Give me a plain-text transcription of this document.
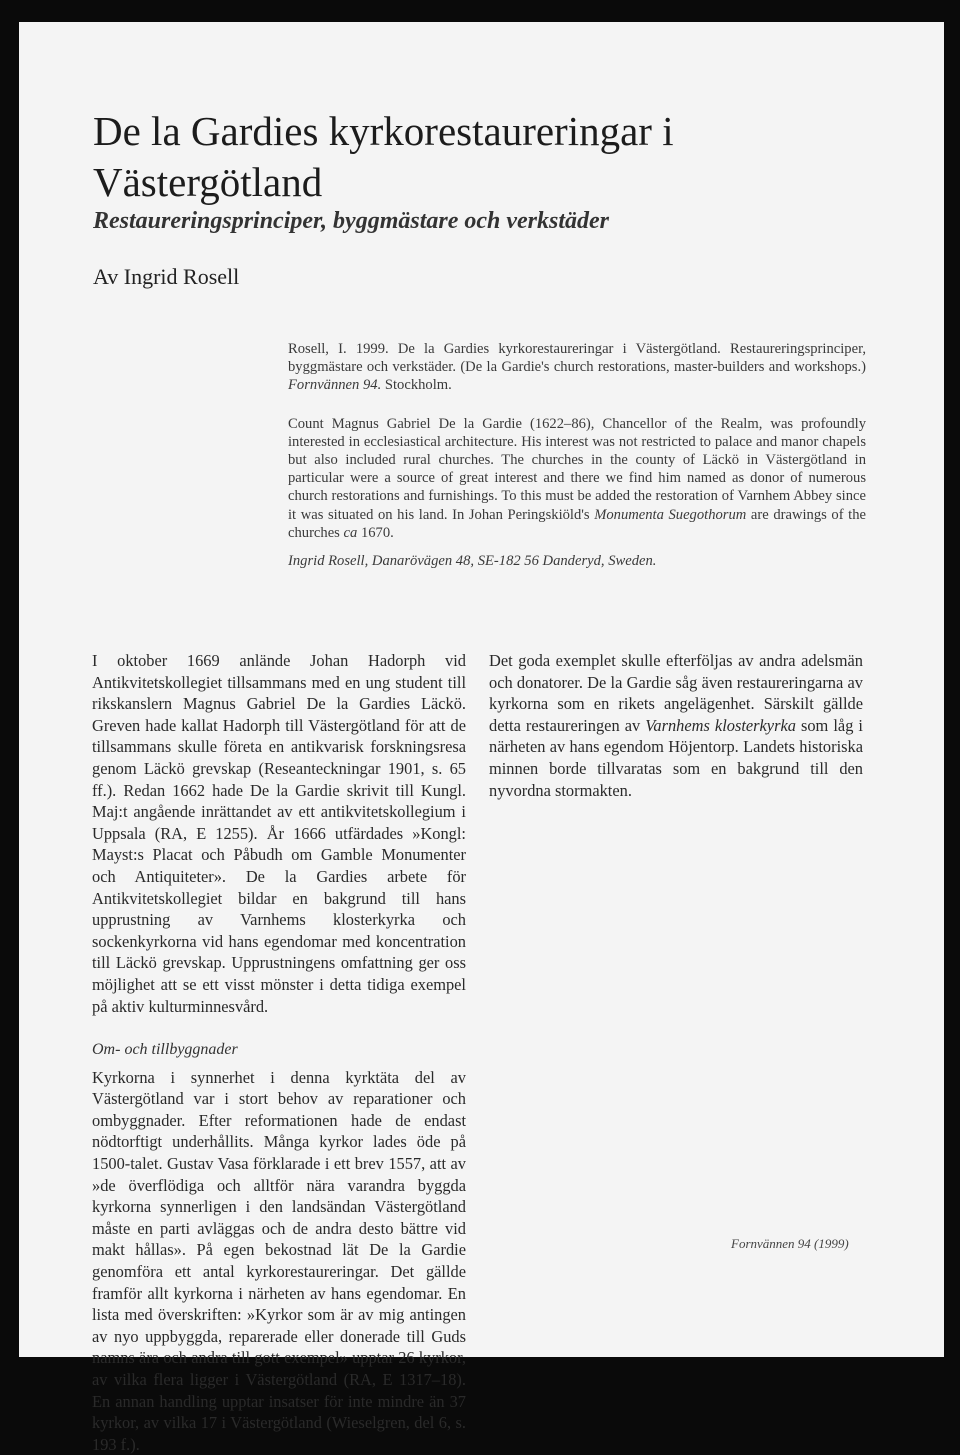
De la Gardies kyrkorestaureringar i Västergötland
Restaureringsprinciper, byggmästare och verkstäder

Av Ingrid Rosell

Rosell, I. 1999. De la Gardies kyrkorestaureringar i Västergötland. Restaureringsprinciper, byggmästare och verkstäder. (De la Gardie's church restorations, master-builders and workshops.) Fornvännen 94. Stockholm.

Count Magnus Gabriel De la Gardie (1622–86), Chancellor of the Realm, was profoundly interested in ecclesiastical architecture. His interest was not restricted to palace and manor chapels but also included rural churches. The churches in the county of Läckö in Västergötland in particular were a source of great interest and there we find him named as donor of numerous church restorations and furnishings. To this must be added the restoration of Varnhem Abbey since it was situated on his land. In Johan Peringskiöld's Monumenta Suegothorum are drawings of the churches ca 1670.

Ingrid Rosell, Danarövägen 48, SE-182 56 Danderyd, Sweden.

I oktober 1669 anlände Johan Hadorph vid Antikvitetskollegiet tillsammans med en ung student till rikskanslern Magnus Gabriel De la Gardies Läckö. Greven hade kallat Hadorph till Västergötland för att de tillsammans skulle företa en antikvarisk forskningsresa genom Läckö grevskap (Reseanteckningar 1901, s. 65 ff.). Redan 1662 hade De la Gardie skrivit till Kungl. Maj:t angående inrättandet av ett antikvitetskollegium i Uppsala (RA, E 1255). År 1666 utfärdades »Kongl: Mayst:s Placat och Påbudh om Gamble Monumenter och Antiquiteter». De la Gardies arbete för Antikvitetskollegiet bildar en bakgrund till hans upprustning av Varnhems klosterkyrka och sockenkyrkorna vid hans egendomar med koncentration till Läckö grevskap. Upprustningens omfattning ger oss möjlighet att se ett visst mönster i detta tidiga exempel på aktiv kulturminnesvård.

Om- och tillbyggnader

Kyrkorna i synnerhet i denna kyrktäta del av Västergötland var i stort behov av reparationer och ombyggnader. Efter reformationen hade de endast nödtorftigt underhållits. Många kyrkor lades öde på 1500-talet. Gustav Vasa förklarade i ett brev 1557, att av »de överflödiga och alltför nära varandra byggda kyrkorna synnerligen i den landsändan Västergötland måste en parti avläggas och de andra desto bättre vid makt hållas». På egen bekostnad lät De la Gardie genomföra ett antal kyrkorestaureringar. Det gällde framför allt kyrkorna i närheten av hans egendomar. En lista med överskriften: »Kyrkor som är av mig antingen av nyo uppbyggda, reparerade eller donerade till Guds namns ära och andra till gott exempel» upptar 26 kyrkor, av vilka flera ligger i Västergötland (RA, E 1317–18). En annan handling upptar insatser för inte mindre än 37 kyrkor, av vilka 17 i Västergötland (Wieselgren, del 6, s. 193 f.).

Det goda exemplet skulle efterföljas av andra adelsmän och donatorer. De la Gardie såg även restaureringarna av kyrkorna som en rikets angelägenhet. Särskilt gällde detta restaureringen av Varnhems klosterkyrka som låg i närheten av hans egendom Höjentorp. Landets historiska minnen borde tillvaratas som en bakgrund till den nyvordna stormakten.

Fornvännen 94 (1999)
